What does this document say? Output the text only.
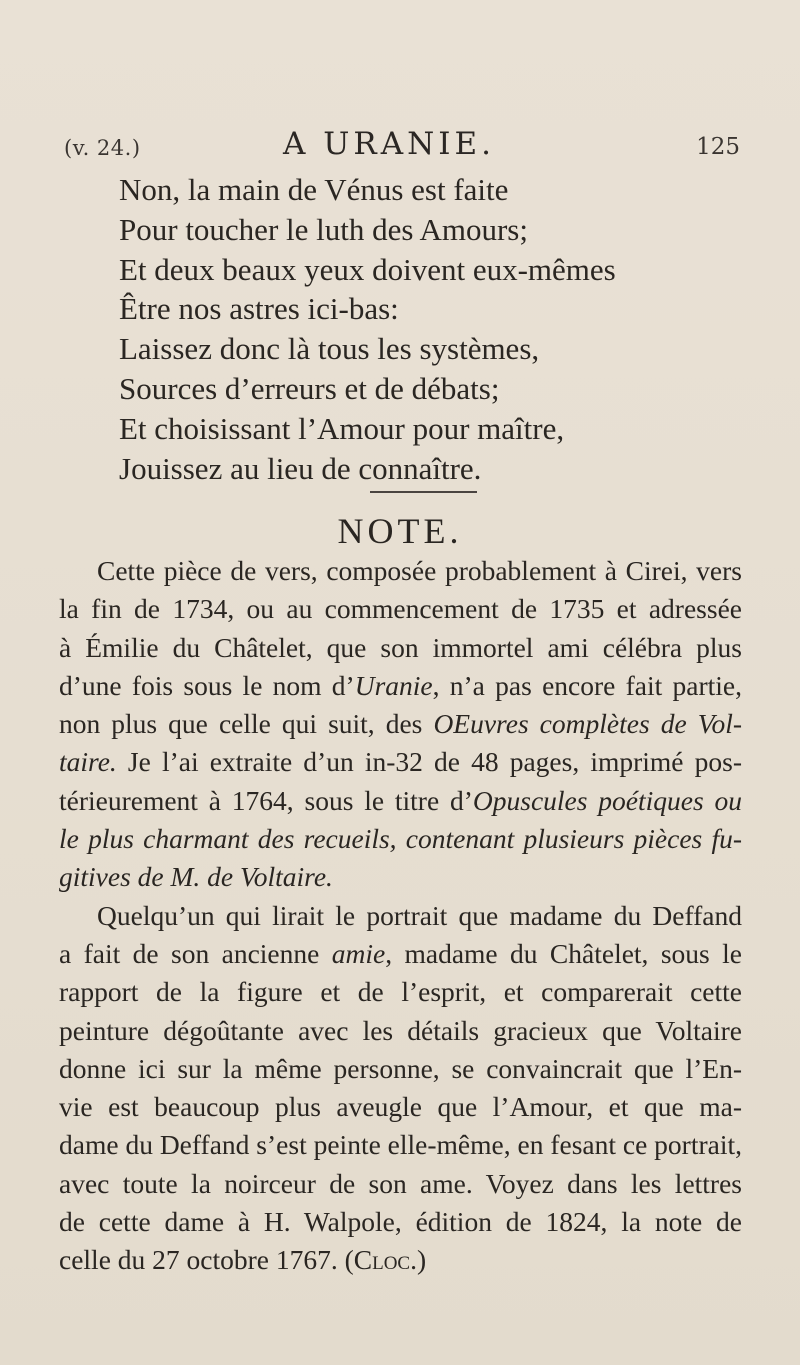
(v. 24.)	A URANIE.	125
Non, la main de Vénus est faite
Pour toucher le luth des Amours;
Et deux beaux yeux doivent eux-mêmes
Être nos astres ici-bas:
Laissez donc là tous les systèmes,
Sources d’erreurs et de débats;
Et choisissant l’Amour pour maître,
Jouissez au lieu de connaître.
NOTE.
Cette pièce de vers, composée probablement à Cirei, vers
la fin de 1734, ou au commencement de 1735 et adressée
à Émilie du Châtelet, que son immortel ami célébra plus
d’une fois sous le nom d’Uranie, n’a pas encore fait partie,
non plus que celle qui suit, des OEuvres complètes de Vol-
taire. Je l’ai extraite d’un in-32 de 48 pages, imprimé pos-
térieurement à 1764, sous le titre d’Opuscules poétiques ou
le plus charmant des recueils, contenant plusieurs pièces fu-
gitives de M. de Voltaire.
Quelqu’un qui lirait le portrait que madame du Deffand
a fait de son ancienne amie, madame du Châtelet, sous le
rapport de la figure et de l’esprit, et comparerait cette
peinture dégoûtante avec les détails gracieux que Voltaire
donne ici sur la même personne, se convaincrait que l’En-
vie est beaucoup plus aveugle que l’Amour, et que ma-
dame du Deffand s’est peinte elle-même, en fesant ce portrait,
avec toute la noirceur de son ame. Voyez dans les lettres
de cette dame à H. Walpole, édition de 1824, la note de
celle du 27 octobre 1767. (Cloc.)
